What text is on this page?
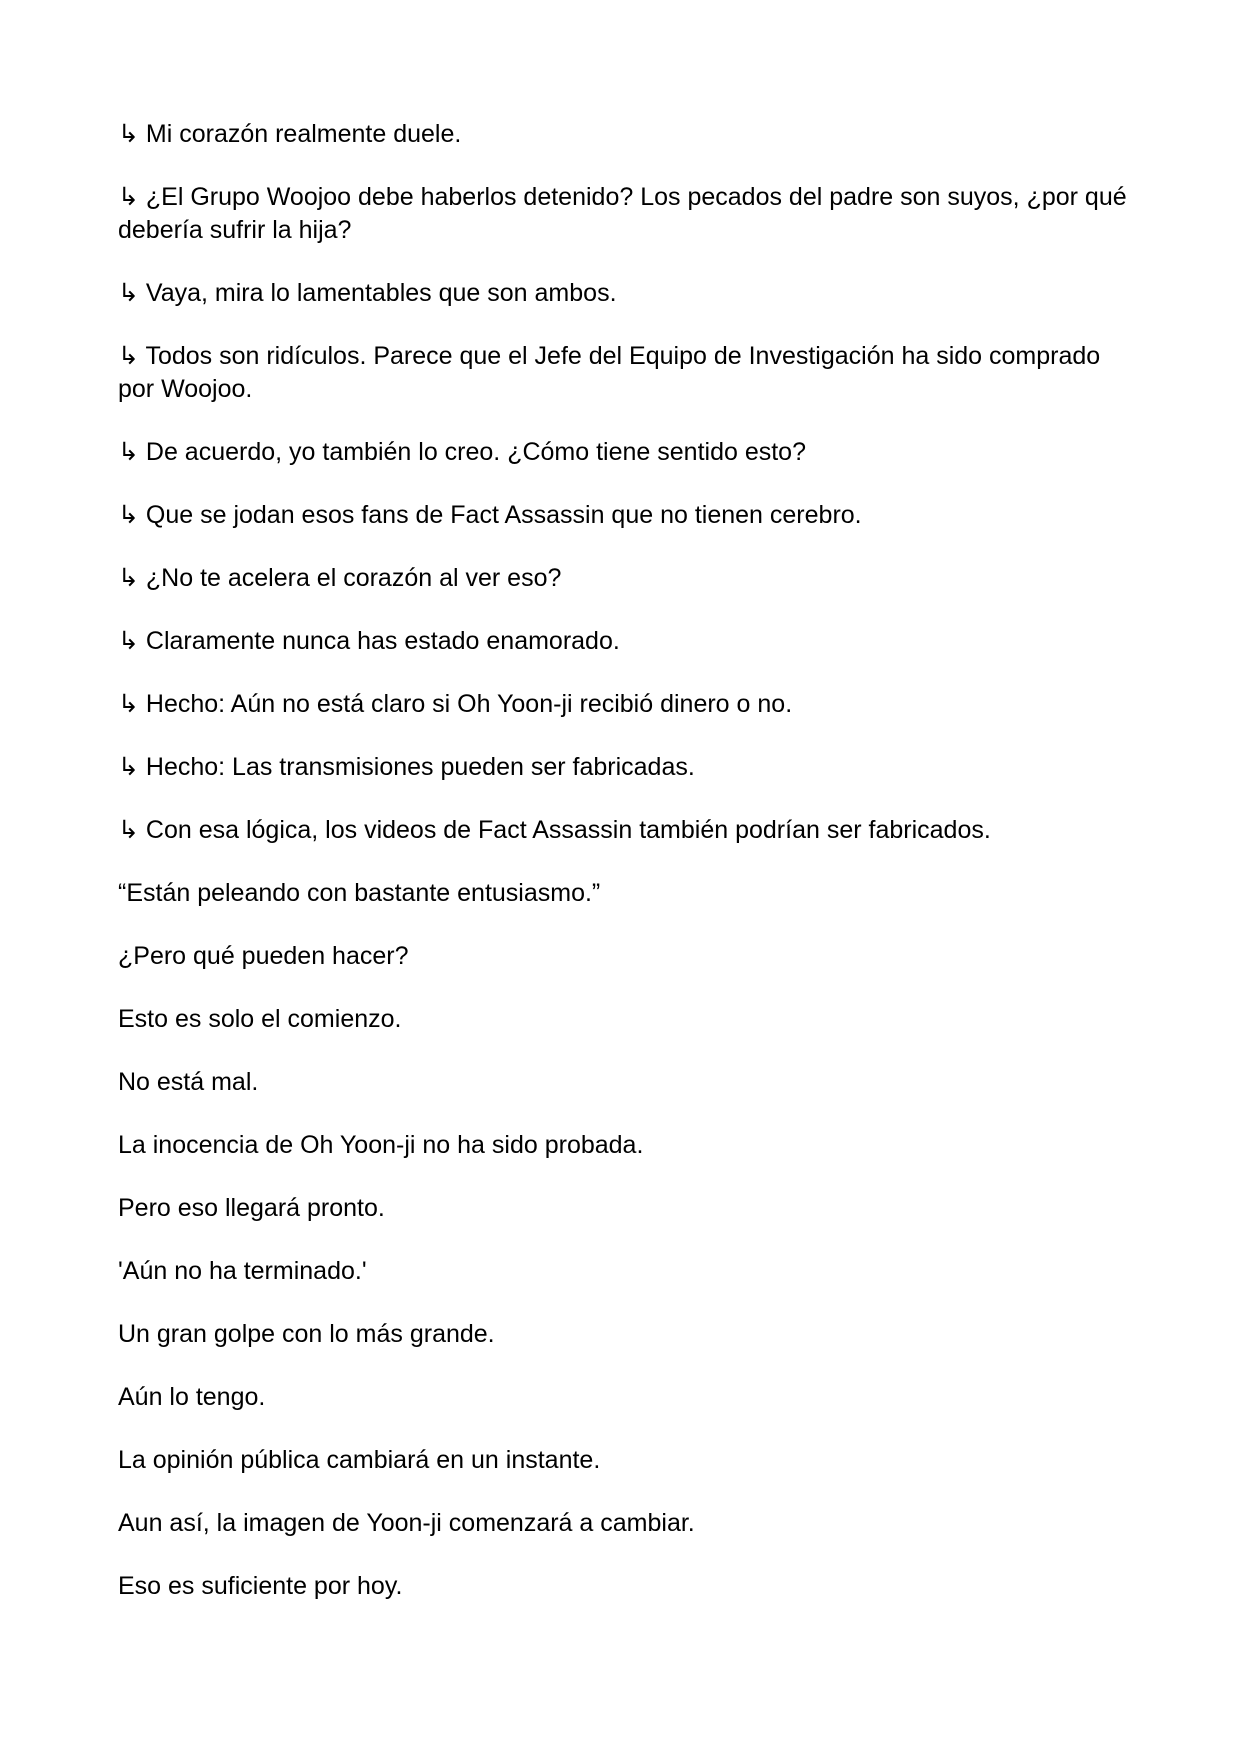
↳ Mi corazón realmente duele.

↳ ¿El Grupo Woojoo debe haberlos detenido? Los pecados del padre son suyos, ¿por qué debería sufrir la hija?

↳ Vaya, mira lo lamentables que son ambos.

↳ Todos son ridículos. Parece que el Jefe del Equipo de Investigación ha sido comprado por Woojoo.

↳ De acuerdo, yo también lo creo. ¿Cómo tiene sentido esto?

↳ Que se jodan esos fans de Fact Assassin que no tienen cerebro.

↳ ¿No te acelera el corazón al ver eso?

↳ Claramente nunca has estado enamorado.

↳ Hecho: Aún no está claro si Oh Yoon-ji recibió dinero o no.

↳ Hecho: Las transmisiones pueden ser fabricadas.

↳ Con esa lógica, los videos de Fact Assassin también podrían ser fabricados.

“Están peleando con bastante entusiasmo.”

¿Pero qué pueden hacer?

Esto es solo el comienzo.

No está mal.

La inocencia de Oh Yoon-ji no ha sido probada.

Pero eso llegará pronto.

'Aún no ha terminado.'

Un gran golpe con lo más grande.

Aún lo tengo.

La opinión pública cambiará en un instante.

Aun así, la imagen de Yoon-ji comenzará a cambiar.

Eso es suficiente por hoy.
